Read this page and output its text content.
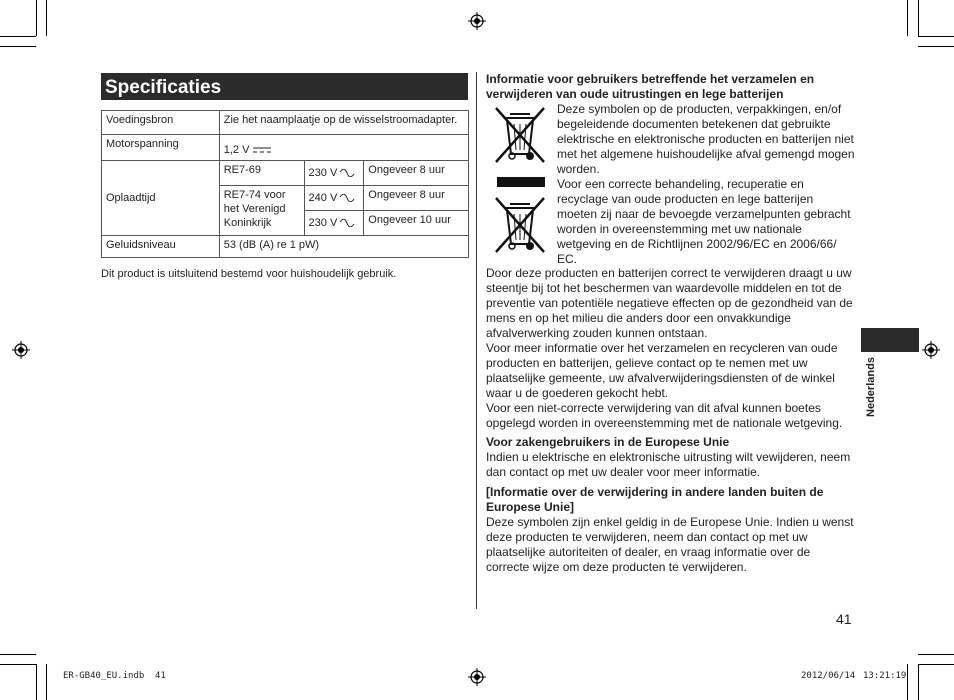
Specificaties
Voedingsbron	Zie het naamplaatje op de wisselstroomadapter.		
Motorspanning	1,2 V		
Oplaadtijd	RE7-69	230 V	Ongeveer 8 uur
	RE7-74 voor het Verenigd Koninkrijk	240 V	Ongeveer 8 uur
		230 V	Ongeveer 10 uur
Geluidsniveau	53 (dB (A) re 1 pW)		
Dit product is uitsluitend bestemd voor huishoudelijk gebruik.
Informatie voor gebruikers betreffende het verzamelen en
verwijderen van oude uitrustingen en lege batterijen
Deze symbolen op de producten, verpakkingen, en/of
begeleidende documenten betekenen dat gebruikte
elektrische en elektronische producten en batterijen niet
met het algemene huishoudelijke afval gemengd mogen
worden.
Voor een correcte behandeling, recuperatie en
recyclage van oude producten en lege batterijen
moeten zij naar de bevoegde verzamelpunten gebracht
worden in overeenstemming met uw nationale
wetgeving en de Richtlijnen 2002/96/EC en 2006/66/
EC.
Door deze producten en batterijen correct te verwijderen draagt u uw
steentje bij tot het beschermen van waardevolle middelen en tot de
preventie van potentiële negatieve effecten op de gezondheid van de
mens en op het milieu die anders door een onvakkundige
afvalverwerking zouden kunnen ontstaan.
Voor meer informatie over het verzamelen en recycleren van oude
producten en batterijen, gelieve contact op te nemen met uw
plaatselijke gemeente, uw afvalverwijderingsdiensten of de winkel
waar u de goederen gekocht hebt.
Voor een niet-correcte verwijdering van dit afval kunnen boetes
opgelegd worden in overeenstemming met de nationale wetgeving.
Voor zakengebruikers in de Europese Unie
Indien u elektrische en elektronische uitrusting wilt vewijderen, neem
dan contact op met uw dealer voor meer informatie.
[Informatie over de verwijdering in andere landen buiten de
Europese Unie]
Deze symbolen zijn enkel geldig in de Europese Unie. Indien u wenst
deze producten te verwijderen, neem dan contact op met uw
plaatselijke autoriteiten of dealer, en vraag informatie over de
correcte wijze om deze producten te verwijderen.
Nederlands
41
ER-GB40_EU.indb 41	2012/06/14 13:21:19
